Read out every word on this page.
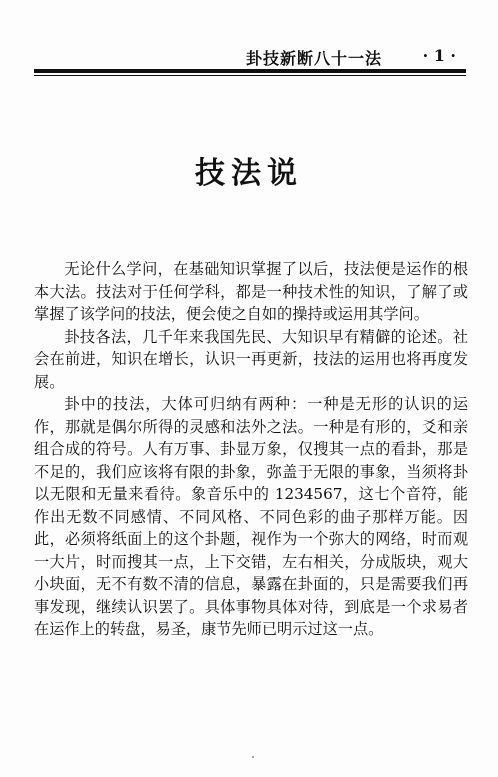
卦技新断八十一法	· 1 ·
技法说

无论什么学问，在基础知识掌握了以后，技法便是运作的根本大法。技法对于任何学科，都是一种技术性的知识，了解了或掌握了该学问的技法，便会使之自如的操持或运用其学问。

卦技各法，几千年来我国先民、大知识早有精僻的论述。社会在前进，知识在增长，认识一再更新，技法的运用也将再度发展。

卦中的技法，大体可归纳有两种：一种是无形的认识的运作，那就是偶尔所得的灵感和法外之法。一种是有形的，爻和亲组合成的符号。人有万事、卦显万象，仅搜其一点的看卦，那是不足的，我们应该将有限的卦象，弥盖于无限的事象，当须将卦以无限和无量来看待。象音乐中的 1234567，这七个音符，能作出无数不同感情、不同风格、不同色彩的曲子那样万能。因此，必须将纸面上的这个卦题，视作为一个弥大的网络，时而观一大片，时而搜其一点，上下交错，左右相关，分成版块，观大小块面，无不有数不清的信息，暴露在卦面的，只是需要我们再事发现，继续认识罢了。具体事物具体对待，到底是一个求易者在运作上的转盘，易圣，康节先师已明示过这一点。
